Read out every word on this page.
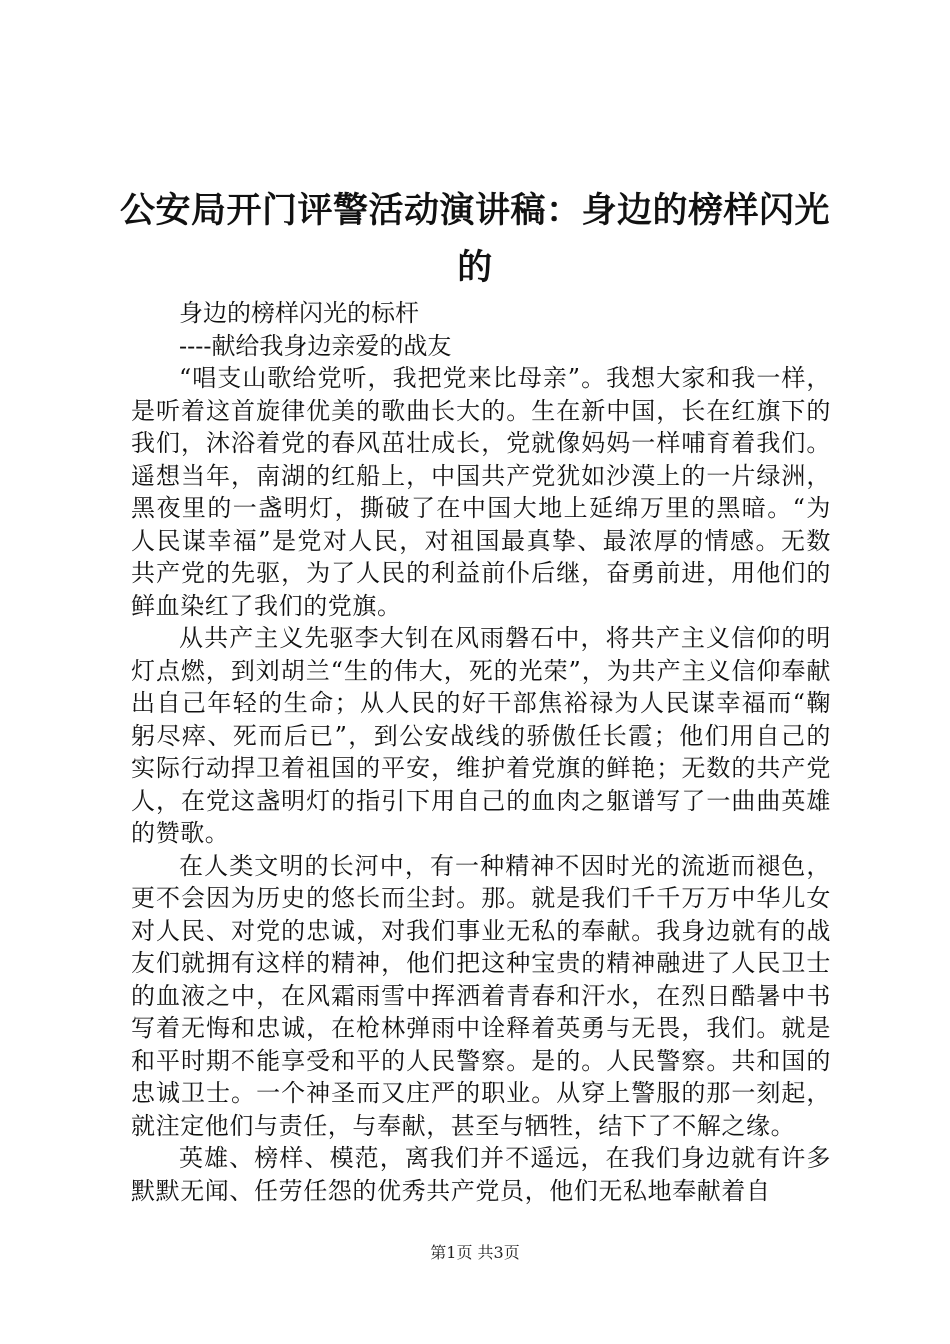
公安局开门评警活动演讲稿：身边的榜样闪光的

身边的榜样闪光的标杆

----献给我身边亲爱的战友

“唱支山歌给党听，我把党来比母亲”。我想大家和我一样，是听着这首旋律优美的歌曲长大的。生在新中国，长在红旗下的我们，沐浴着党的春风茁壮成长，党就像妈妈一样哺育着我们。遥想当年，南湖的红船上，中国共产党犹如沙漠上的一片绿洲，黑夜里的一盏明灯，撕破了在中国大地上延绵万里的黑暗。“为人民谋幸福”是党对人民，对祖国最真挚、最浓厚的情感。无数共产党的先驱，为了人民的利益前仆后继，奋勇前进，用他们的鲜血染红了我们的党旗。

从共产主义先驱李大钊在风雨磐石中，将共产主义信仰的明灯点燃，到刘胡兰“生的伟大，死的光荣”，为共产主义信仰奉献出自己年轻的生命；从人民的好干部焦裕禄为人民谋幸福而“鞠躬尽瘁、死而后已”，到公安战线的骄傲任长霞；他们用自己的实际行动捍卫着祖国的平安，维护着党旗的鲜艳；无数的共产党人，在党这盏明灯的指引下用自己的血肉之躯谱写了一曲曲英雄的赞歌。

在人类文明的长河中，有一种精神不因时光的流逝而褪色，更不会因为历史的悠长而尘封。那。就是我们千千万万中华儿女对人民、对党的忠诚，对我们事业无私的奉献。我身边就有的战友们就拥有这样的精神，他们把这种宝贵的精神融进了人民卫士的血液之中，在风霜雨雪中挥洒着青春和汗水，在烈日酷暑中书写着无悔和忠诚，在枪林弹雨中诠释着英勇与无畏，我们。就是和平时期不能享受和平的人民警察。是的。人民警察。共和国的忠诚卫士。一个神圣而又庄严的职业。从穿上警服的那一刻起，就注定他们与责任，与奉献，甚至与牺牲，结下了不解之缘。

英雄、榜样、模范，离我们并不遥远，在我们身边就有许多默默无闻、任劳任怨的优秀共产党员，他们无私地奉献着自

第1页 共3页
